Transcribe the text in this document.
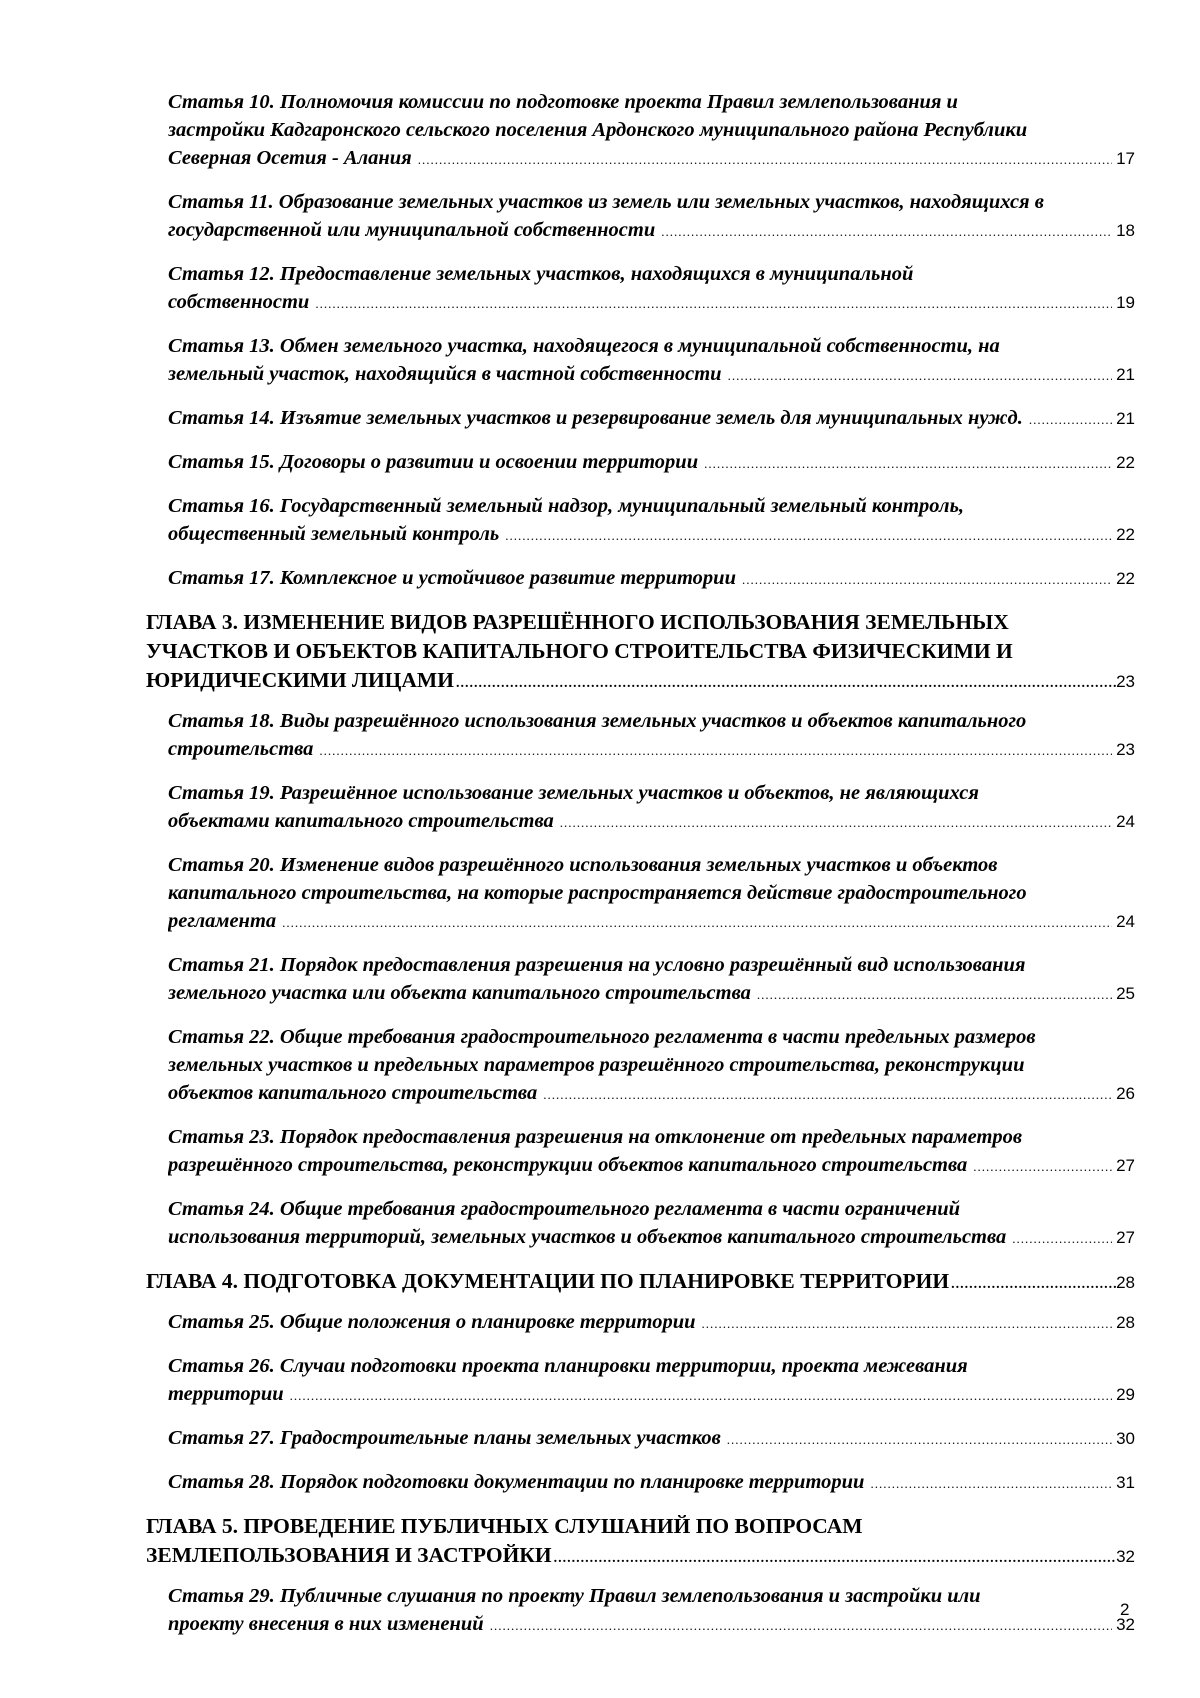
Статья 10. Полномочия комиссии по подготовке проекта Правил землепользования и
застройки Кадгаронского сельского поселения Ардонского муниципального района Республики
Северная Осетия - Алания .....	17
Статья 11. Образование земельных участков из земель или земельных участков, находящихся в
государственной или муниципальной собственности .....	18
Статья 12. Предоставление земельных участков, находящихся в муниципальной
собственности .....	19
Статья 13. Обмен земельного участка, находящегося в муниципальной собственности, на
земельный участок, находящийся в частной собственности .....	21
Статья 14. Изъятие земельных участков и резервирование земель для муниципальных нужд. .....	21
Статья 15. Договоры о развитии и освоении территории .....	22
Статья 16. Государственный земельный надзор, муниципальный земельный контроль,
общественный земельный контроль .....	22
Статья 17. Комплексное и устойчивое развитие территории .....	22
ГЛАВА 3. ИЗМЕНЕНИЕ ВИДОВ РАЗРЕШЁННОГО ИСПОЛЬЗОВАНИЯ ЗЕМЕЛЬНЫХ
УЧАСТКОВ И ОБЪЕКТОВ КАПИТАЛЬНОГО СТРОИТЕЛЬСТВА ФИЗИЧЕСКИМИ И
ЮРИДИЧЕСКИМИ ЛИЦАМИ .....	23
Статья 18. Виды разрешённого использования земельных участков и объектов капитального
строительства .....	23
Статья 19. Разрешённое использование земельных участков и объектов, не являющихся
объектами капитального строительства .....	24
Статья 20. Изменение видов разрешённого использования земельных участков и объектов
капитального строительства, на которые распространяется действие градостроительного
регламента .....	24
Статья 21. Порядок предоставления разрешения на условно разрешённый вид использования
земельного участка или объекта капитального строительства .....	25
Статья 22. Общие требования градостроительного регламента в части предельных размеров
земельных участков и предельных параметров разрешённого строительства, реконструкции
объектов капитального строительства .....	26
Статья 23. Порядок предоставления разрешения на отклонение от предельных параметров
разрешённого строительства, реконструкции объектов капитального строительства .....	27
Статья 24. Общие требования градостроительного регламента в части ограничений
использования территорий, земельных участков и объектов капитального строительства .....	27
ГЛАВА 4. ПОДГОТОВКА ДОКУМЕНТАЦИИ ПО ПЛАНИРОВКЕ ТЕРРИТОРИИ .....	28
Статья 25. Общие положения о планировке территории .....	28
Статья 26. Случаи подготовки проекта планировки территории, проекта межевания
территории .....	29
Статья 27. Градостроительные планы земельных участков .....	30
Статья 28. Порядок подготовки документации по планировке территории .....	31
ГЛАВА 5. ПРОВЕДЕНИЕ ПУБЛИЧНЫХ СЛУШАНИЙ ПО ВОПРОСАМ
ЗЕМЛЕПОЛЬЗОВАНИЯ И ЗАСТРОЙКИ .....	32
Статья 29. Публичные слушания по проекту Правил землепользования и застройки или
проекту внесения в них изменений .....	32
2
